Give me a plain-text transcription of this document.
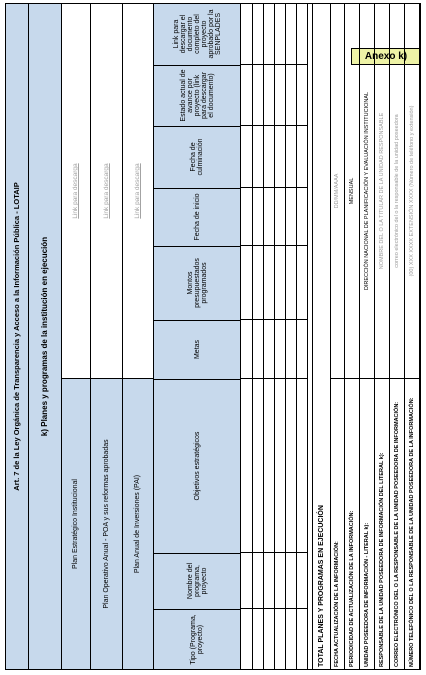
Anexo k)
Art. 7 de la Ley Orgánica de Transparencia y Acceso a la Información Pública - LOTAIP	k) Planes y programas de la institución en ejecución
Plan Estratégico Institucional
Link para descarga
Plan Operativo Anual - POA y sus reformas aprobadas
Link para descarga
Plan Anual de Inversiones (PAI)
Link para descarga
Tipo (Programa, proyecto)
Nombre del programa, proyecto
Objetivos estratégicos
Metas
Montos presupuestados programados
Fecha de inicio
Fecha de culminación
Estado actual de avance por proyecto (link para descargar el documento)
Link para descargar el documento completo del proyecto aprobado por la SENPLADES
TOTAL PLANES Y PROGRAMAS EN EJECUCIÓN	FECHA ACTUALIZACIÓN DE LA INFORMACIÓN:
DD/MM/AAAA
PERIODICIDAD DE ACTUALIZACIÓN DE LA INFORMACIÓN:
MENSUAL
UNIDAD POSEEDORA DE INFORMACIÓN - LITERAL k):
DIRECCIÓN NACIONAL DE PLANIFICACIÓN Y EVALUACIÓN INSTITUCIONAL
RESPONSABLE DE LA UNIDAD POSEEDORA DE INFORMACIÓN DEL LITERAL k):
NOMBRE DEL O LA TITULAR DE LA UNIDAD RESPONSABLE
CORREO ELECTRÓNICO DEL O LA RESPONSABLE DE LA UNIDAD POSEEDORA DE INFORMACIÓN:
correo electrónico del o la responsable de la unidad poseedora
NÚMERO TELEFÓNICO DEL O LA RESPONSABLE DE LA UNIDAD POSEEDORA DE LA INFORMACIÓN:
(00) XXX XXXX EXTENSIÓN XXXX (Número de teléfono y extensión)
